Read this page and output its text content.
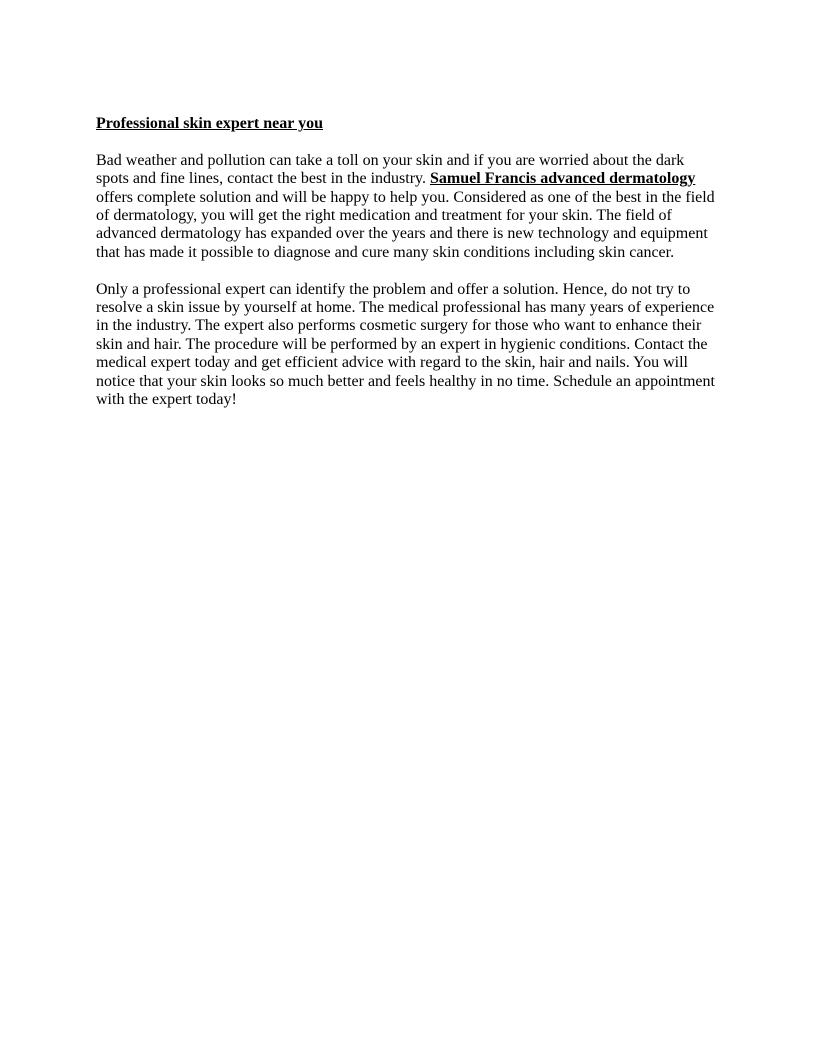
Professional skin expert near you
Bad weather and pollution can take a toll on your skin and if you are worried about the dark
spots and fine lines, contact the best in the industry. Samuel Francis advanced dermatology
offers complete solution and will be happy to help you. Considered as one of the best in the field
of dermatology, you will get the right medication and treatment for your skin. The field of
advanced dermatology has expanded over the years and there is new technology and equipment
that has made it possible to diagnose and cure many skin conditions including skin cancer.
Only a professional expert can identify the problem and offer a solution. Hence, do not try to
resolve a skin issue by yourself at home. The medical professional has many years of experience
in the industry. The expert also performs cosmetic surgery for those who want to enhance their
skin and hair. The procedure will be performed by an expert in hygienic conditions. Contact the
medical expert today and get efficient advice with regard to the skin, hair and nails. You will
notice that your skin looks so much better and feels healthy in no time. Schedule an appointment
with the expert today!
